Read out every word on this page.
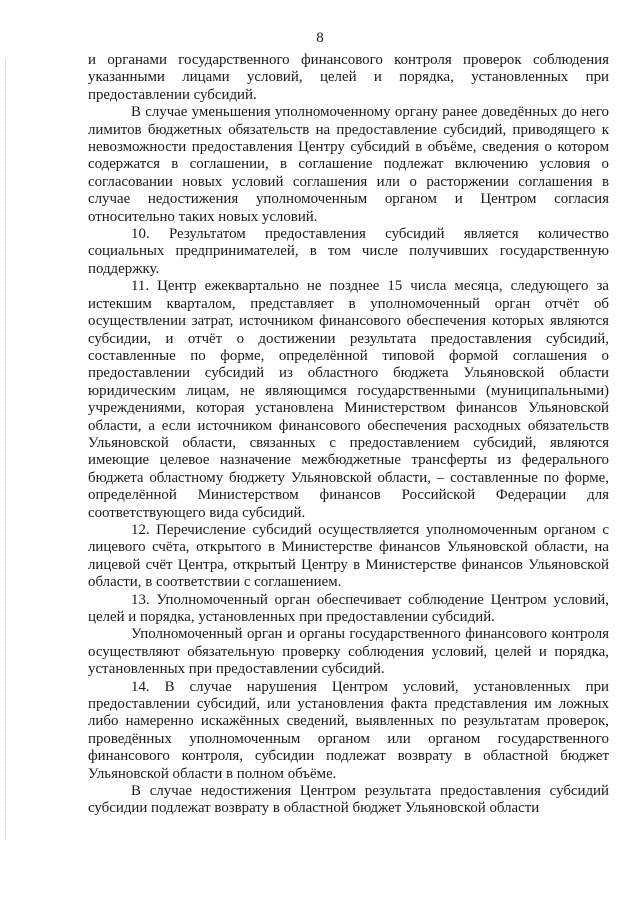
8

и органами государственного финансового контроля проверок соблюдения указанными лицами условий, целей и порядка, установленных при предоставлении субсидий.

В случае уменьшения уполномоченному органу ранее доведённых до него лимитов бюджетных обязательств на предоставление субсидий, приводящего к невозможности предоставления Центру субсидий в объёме, сведения о котором содержатся в соглашении, в соглашение подлежат включению условия о согласовании новых условий соглашения или о расторжении соглашения в случае недостижения уполномоченным органом и Центром согласия относительно таких новых условий.

10. Результатом предоставления субсидий является количество социальных предпринимателей, в том числе получивших государственную поддержку.

11. Центр ежеквартально не позднее 15 числа месяца, следующего за истекшим кварталом, представляет в уполномоченный орган отчёт об осуществлении затрат, источником финансового обеспечения которых являются субсидии, и отчёт о достижении результата предоставления субсидий, составленные по форме, определённой типовой формой соглашения о предоставлении субсидий из областного бюджета Ульяновской области юридическим лицам, не являющимся государственными (муниципальными) учреждениями, которая установлена Министерством финансов Ульяновской области, а если источником финансового обеспечения расходных обязательств Ульяновской области, связанных с предоставлением субсидий, являются имеющие целевое назначение межбюджетные трансферты из федерального бюджета областному бюджету Ульяновской области, – составленные по форме, определённой Министерством финансов Российской Федерации для соответствующего вида субсидий.

12. Перечисление субсидий осуществляется уполномоченным органом с лицевого счёта, открытого в Министерстве финансов Ульяновской области, на лицевой счёт Центра, открытый Центру в Министерстве финансов Ульяновской области, в соответствии с соглашением.

13. Уполномоченный орган обеспечивает соблюдение Центром условий, целей и порядка, установленных при предоставлении субсидий.

Уполномоченный орган и органы государственного финансового контроля осуществляют обязательную проверку соблюдения условий, целей и порядка, установленных при предоставлении субсидий.

14. В случае нарушения Центром условий, установленных при предоставлении субсидий, или установления факта представления им ложных либо намеренно искажённых сведений, выявленных по результатам проверок, проведённых уполномоченным органом или органом государственного финансового контроля, субсидии подлежат возврату в областной бюджет Ульяновской области в полном объёме.

В случае недостижения Центром результата предоставления субсидий субсидии подлежат возврату в областной бюджет Ульяновской области
